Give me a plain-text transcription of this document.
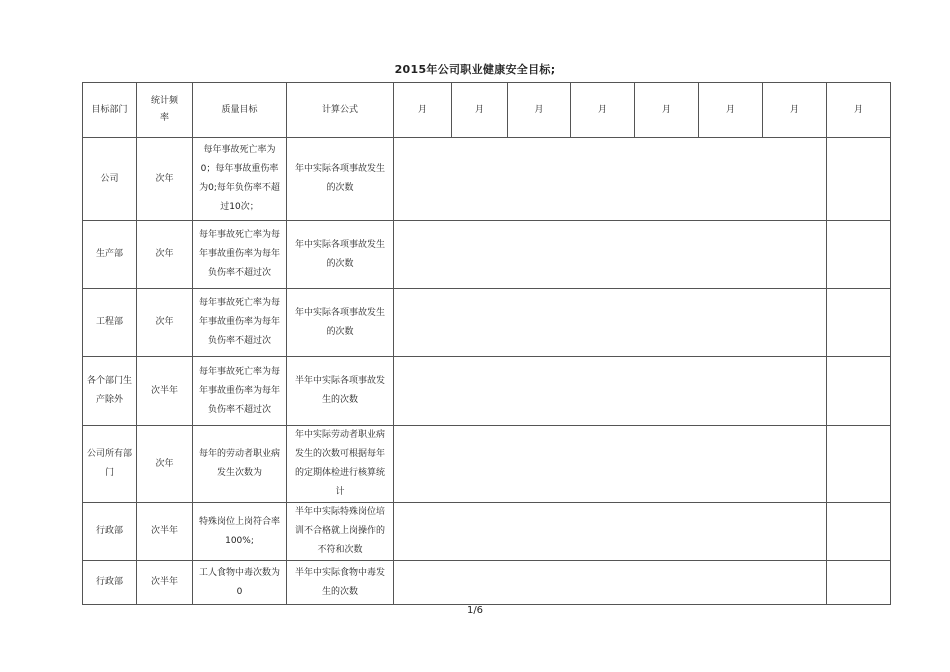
2015年公司职业健康安全目标;
目标部门	统计频率	质量目标	计算公式	月	月	月	月	月	月	月	月
公司	次年	每年事故死亡率为0；每年事故重伤率为0;每年负伤率不超过10次；	年中实际各项事故发生的次数								
生产部	次年	每年事故死亡率为每年事故重伤率为每年负伤率不超过次	年中实际各项事故发生的次数								
工程部	次年	每年事故死亡率为每年事故重伤率为每年负伤率不超过次	年中实际各项事故发生的次数								
各个部门生产除外	次半年	每年事故死亡率为每年事故重伤率为每年负伤率不超过次	半年中实际各项事故发生的次数								
公司所有部门	次年	每年的劳动者职业病发生次数为	年中实际劳动者职业病发生的次数可根据每年的定期体检进行核算统计								
行政部	次半年	特殊岗位上岗符合率100%;	半年中实际特殊岗位培训不合格就上岗操作的不符和次数								
行政部	次半年	工人食物中毒次数为0	半年中实际食物中毒发生的次数								
1/6
